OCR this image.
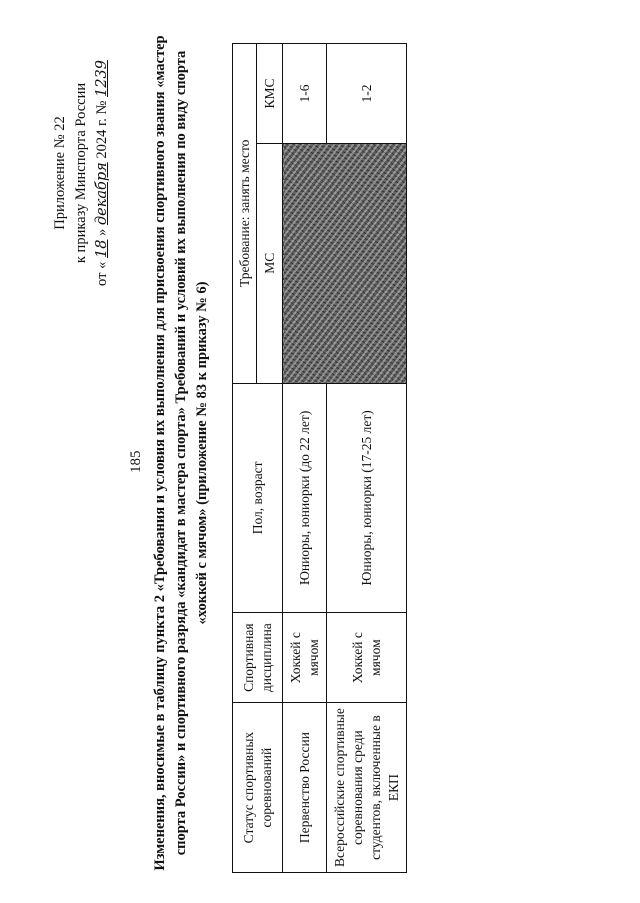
185
Приложение № 22 к приказу Минспорта России
от « 18 » декабря 2024 г. № 1239	Изменения, вносимые в таблицу пункта 2 «Требования и условия их выполнения для присвоения спортивного звания «мастер спорта России» и спортивного разряда «кандидат в мастера спорта» Требований и условий их выполнения по виду спорта «хоккей с мячом» (приложение № 83 к приказу № 6)
Статус спортивных соревнований	Спортивная дисциплина	Пол, возраст	Требование: занять место	
			МС	КМС
Первенство России	Хоккей с мячом	Юниоры, юниорки (до 22 лет)		1-6
Всероссийские спортивные соревнования среди студентов, включенные в ЕКП	Хоккей с мячом	Юниоры, юниорки (17-25 лет)		1-2
